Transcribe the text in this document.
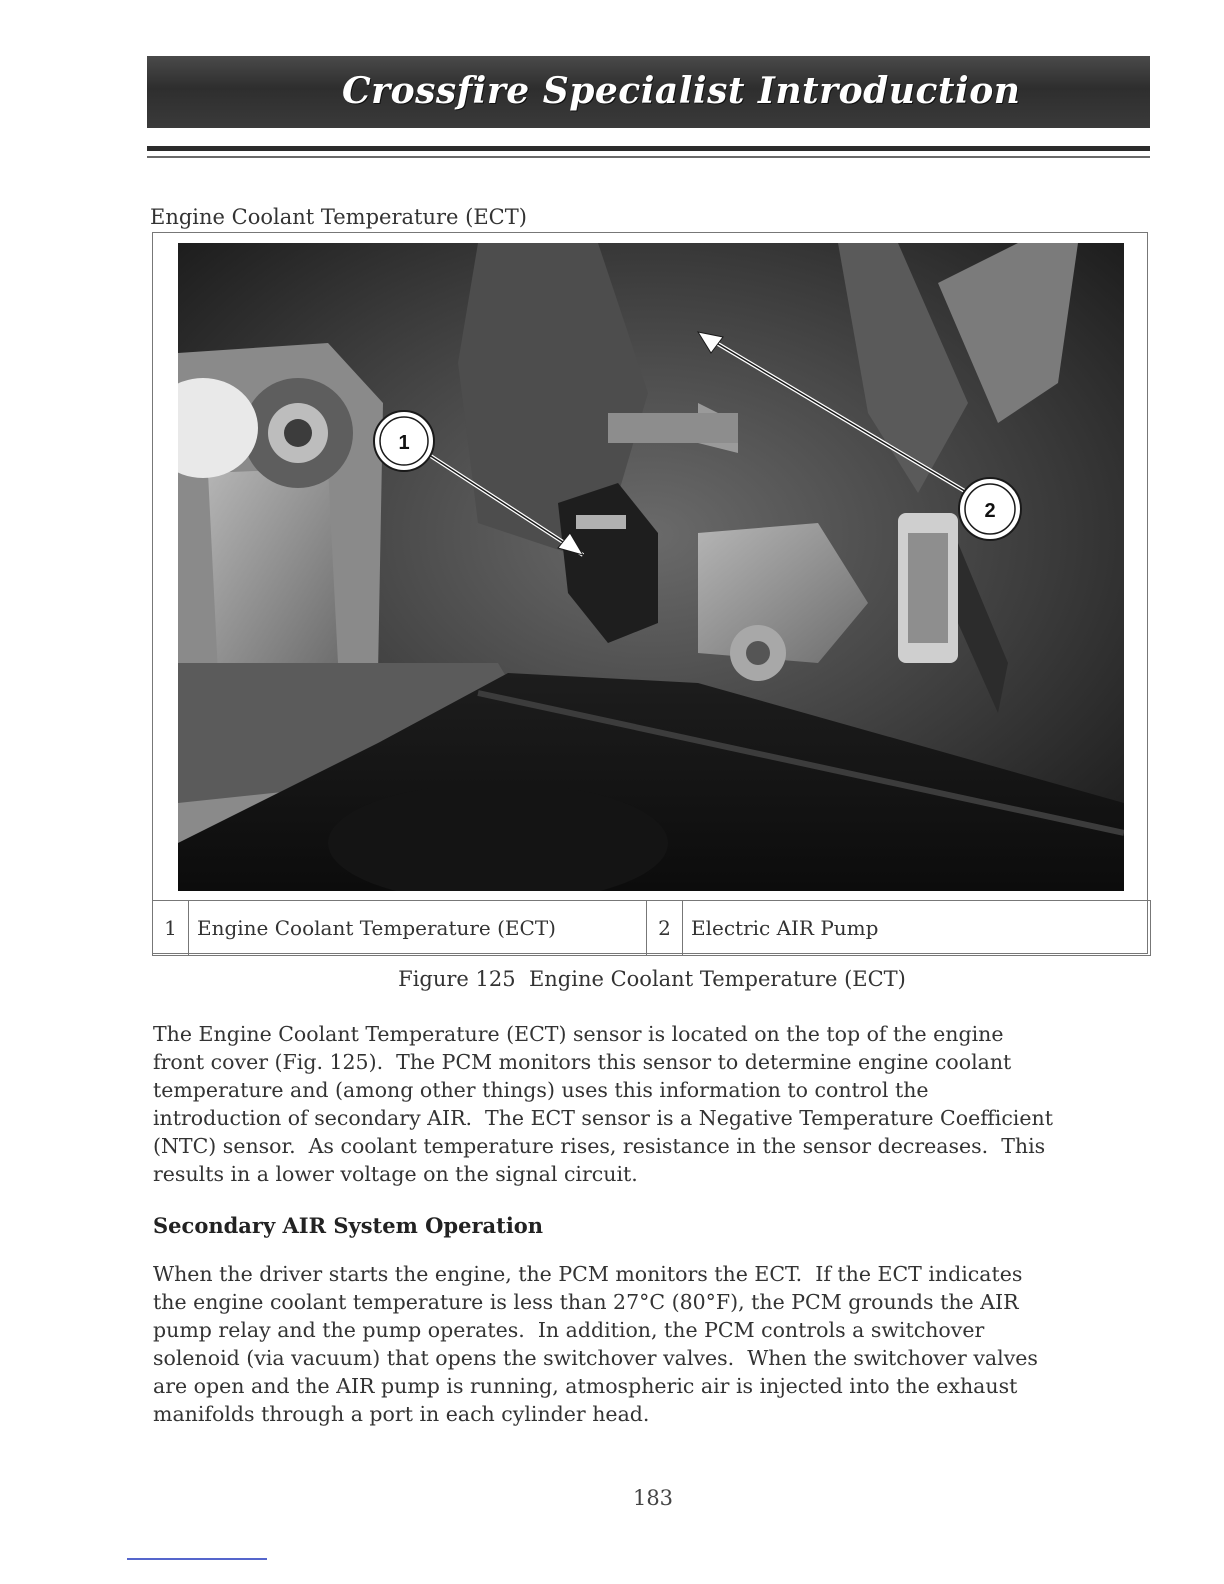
Crossfire Specialist Introduction
Engine Coolant Temperature (ECT)
1
2
1	Engine Coolant Temperature (ECT)	2	Electric AIR Pump
Figure 125  Engine Coolant Temperature (ECT)
The Engine Coolant Temperature (ECT) sensor is located on the top of the engine
front cover (Fig. 125).  The PCM monitors this sensor to determine engine coolant
temperature and (among other things) uses this information to control the
introduction of secondary AIR.  The ECT sensor is a Negative Temperature Coefficient
(NTC) sensor.  As coolant temperature rises, resistance in the sensor decreases.  This
results in a lower voltage on the signal circuit.
Secondary AIR System Operation
When the driver starts the engine, the PCM monitors the ECT.  If the ECT indicates
the engine coolant temperature is less than 27°C (80°F), the PCM grounds the AIR
pump relay and the pump operates.  In addition, the PCM controls a switchover
solenoid (via vacuum) that opens the switchover valves.  When the switchover valves
are open and the AIR pump is running, atmospheric air is injected into the exhaust
manifolds through a port in each cylinder head.
183
